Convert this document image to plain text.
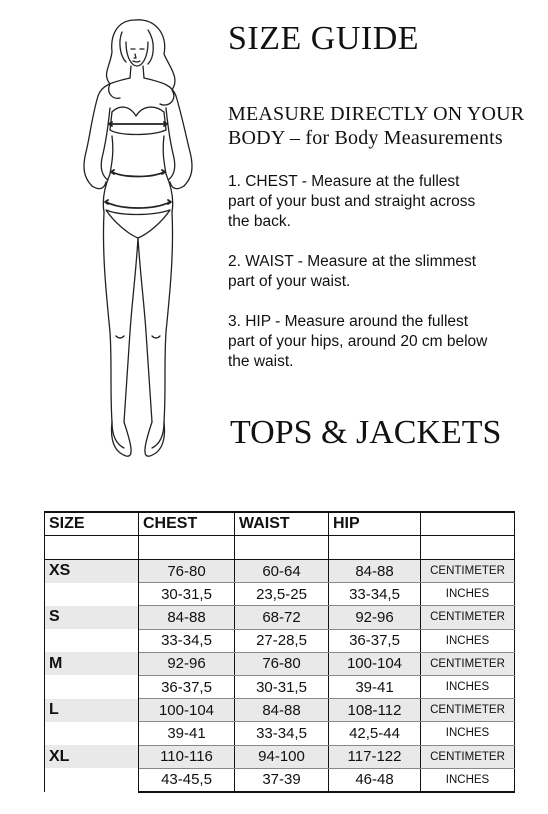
SIZE GUIDE
MEASURE DIRECTLY ON YOUR
BODY – for Body Measurements
1. CHEST - Measure at the fullest
part of your bust and straight across
the back.
2. WAIST - Measure at the slimmest
part of your waist.
3. HIP - Measure around the fullest
part of your hips, around 20 cm below
the waist.
TOPS & JACKETS
SIZE	CHEST	WAIST	HIP	

XS	76-80	60-64	84-88	CENTIMETER
	30-31,5	23,5-25	33-34,5	INCHES
S	84-88	68-72	92-96	CENTIMETER
	33-34,5	27-28,5	36-37,5	INCHES
M	92-96	76-80	100-104	CENTIMETER
	36-37,5	30-31,5	39-41	INCHES
L	100-104	84-88	108-112	CENTIMETER
	39-41	33-34,5	42,5-44	INCHES
XL	110-116	94-100	117-122	CENTIMETER
	43-45,5	37-39	46-48	INCHES
